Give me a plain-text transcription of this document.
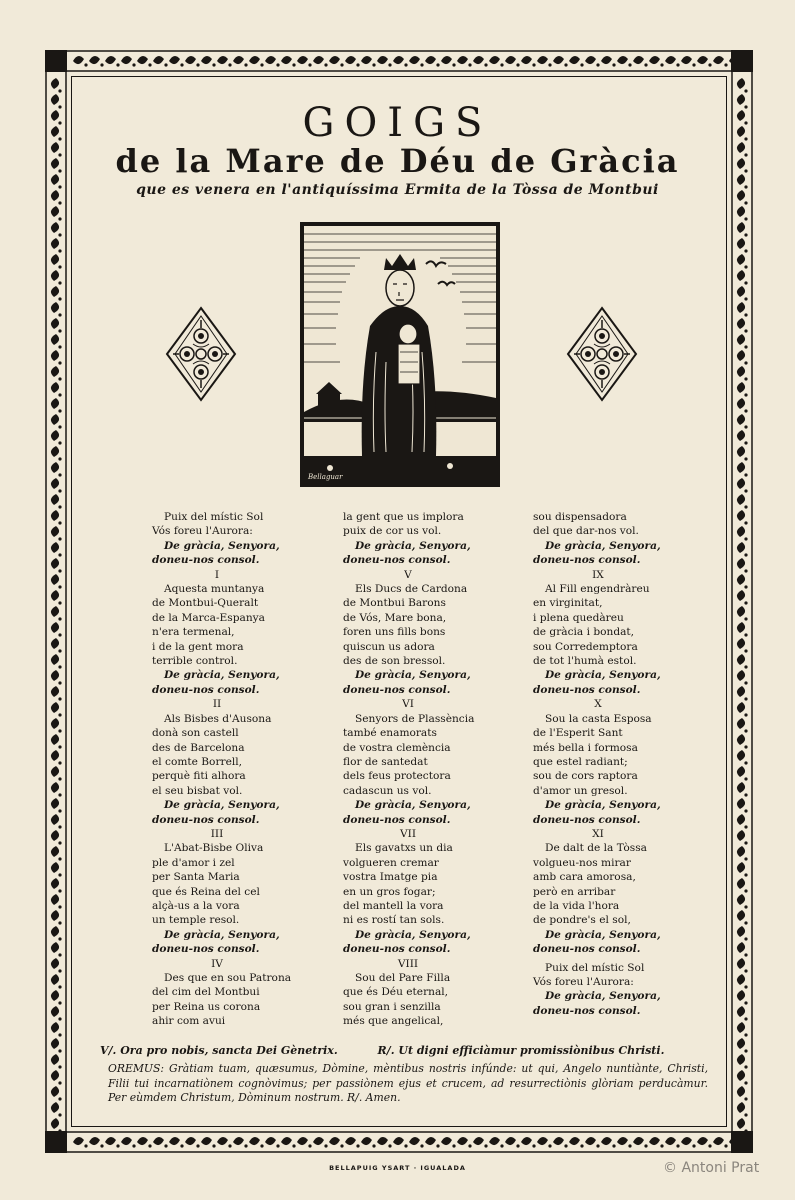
GOIGS
de la Mare de Déu de Gràcia
que es venera en l'antiquíssima Ermita de la Tòssa de Montbui
Bellaguar
Puix del místic Sol
Vós foreu l'Aurora:
De gràcia, Senyora,
doneu-nos consol.
I
Aquesta muntanya
de Montbui-Queralt
de la Marca-Espanya
n'era termenal,
i de la gent mora
terrible control.
De gràcia, Senyora,
doneu-nos consol.
II
Als Bisbes d'Ausona
donà son castell
des de Barcelona
el comte Borrell,
perquè fiti alhora
el seu bisbat vol.
De gràcia, Senyora,
doneu-nos consol.
III
L'Abat-Bisbe Oliva
ple d'amor i zel
per Santa Maria
que és Reina del cel
alçà-us a la vora
un temple resol.
De gràcia, Senyora,
doneu-nos consol.
IV
Des que en sou Patrona
del cim del Montbui
per Reina us corona
ahir com avui
la gent que us implora
puix de cor us vol.
De gràcia, Senyora,
doneu-nos consol.
V
Els Ducs de Cardona
de Montbui Barons
de Vós, Mare bona,
foren uns fills bons
quiscun us adora
des de son bressol.
De gràcia, Senyora,
doneu-nos consol.
VI
Senyors de Plassència
també enamorats
de vostra clemència
flor de santedat
dels feus protectora
cadascun us vol.
De gràcia, Senyora,
doneu-nos consol.
VII
Els gavatxs un dia
volgueren cremar
vostra Imatge pia
en un gros fogar;
del mantell la vora
ni es rostí tan sols.
De gràcia, Senyora,
doneu-nos consol.
VIII
Sou del Pare Filla
que és Déu eternal,
sou gran i senzilla
més que angelical,
sou dispensadora
del que dar-nos vol.
De gràcia, Senyora,
doneu-nos consol.
IX
Al Fill engendràreu
en virginitat,
i plena quedàreu
de gràcia i bondat,
sou Corredemptora
de tot l'humà estol.
De gràcia, Senyora,
doneu-nos consol.
X
Sou la casta Esposa
de l'Esperit Sant
més bella i formosa
que estel radiant;
sou de cors raptora
d'amor un gresol.
De gràcia, Senyora,
doneu-nos consol.
XI
De dalt de la Tòssa
volgueu-nos mirar
amb cara amorosa,
però en arribar
de la vida l'hora
de pondre's el sol,
De gràcia, Senyora,
doneu-nos consol.
Puix del místic Sol
Vós foreu l'Aurora:
De gràcia, Senyora,
doneu-nos consol.
V/. Ora pro nobis, sancta Dei Gènetrix.	R/. Ut digni efficiàmur promissiònibus Christi.
OREMUS: Gràtiam tuam, quæsumus, Dòmine, mèntibus nostris infúnde: ut qui, Angelo nuntiànte, Christi, Filii tui incarnatiònem cognòvimus; per passiònem ejus et crucem, ad resurrectiònis glòriam perducàmur. Per eùmdem Christum, Dòminum nostrum. R/. Amen.
BELLAPUIG YSART · IGUALADA	© Antoni Prat
